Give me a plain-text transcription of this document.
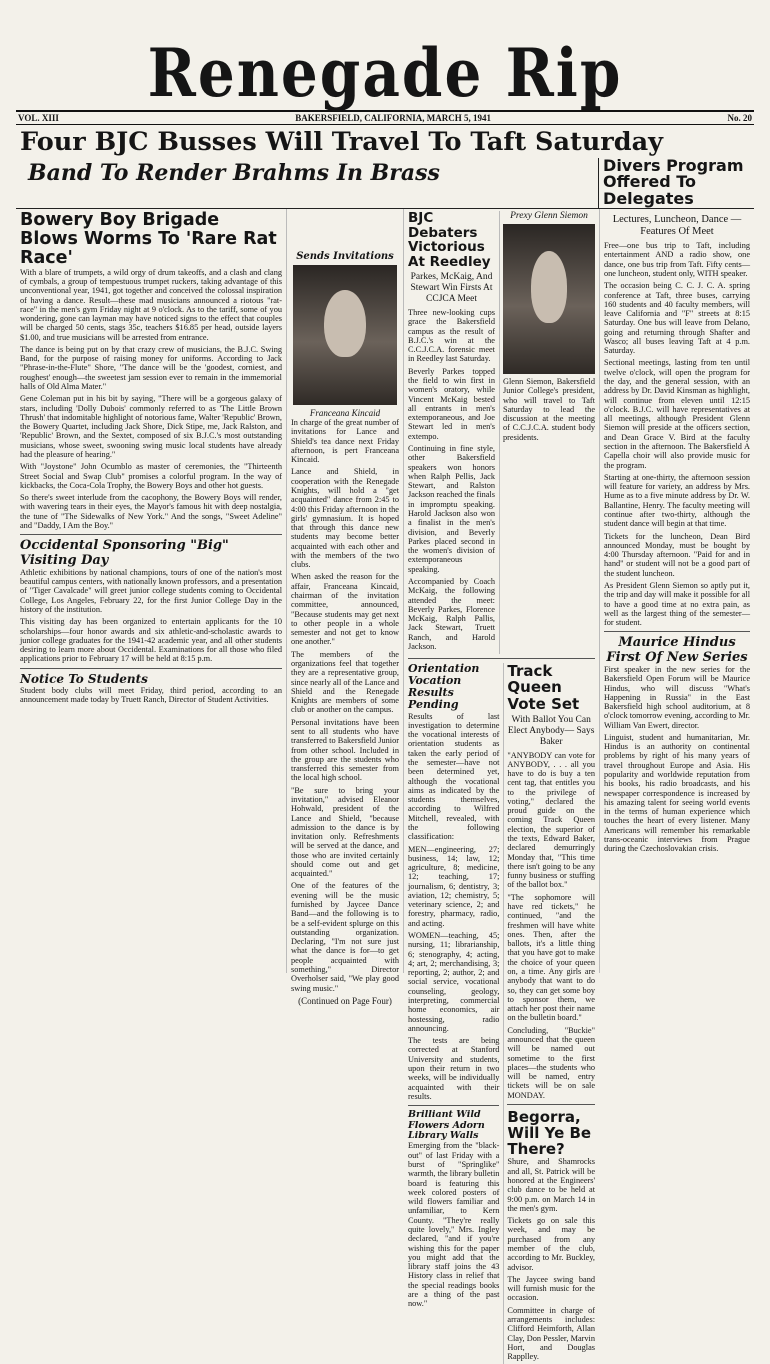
Renegade Rip
VOL. XIII	BAKERSFIELD, CALIFORNIA, MARCH 5, 1941	No. 20
Four BJC Busses Will Travel To Taft Saturday
Band To Render Brahms In Brass	Divers Program Offered To Delegates
Bowery Boy Brigade Blows Worms To 'Rare Rat Race'

With a blare of trumpets, a wild orgy of drum takeoffs, and a clash and clang of cymbals, a group of tempestuous trumpet ruckers, taking advantage of this unconventional year, 1941, got together and conceived the colossal inspiration of having a dance. Result—these mad musicians announced a riotous "rat-race" in the men's gym Friday night at 9 o'clock. As to the tariff, some of you wondering, gone can layman may have noticed signs to the effect that couples will be charged 50 cents, stags 35c, teachers $16.85 per head, outside layers $1.00, and true musicians will be arrested from entrance.

The dance is being put on by that crazy crew of musicians, the B.J.C. Swing Band, for the purpose of raising money for uniforms. According to Jack "Phrase-in-the-Flute" Shore, "The dance will be the 'goodest, corniest, and roughest' enough—the sweetest jam session ever to remain in the immemorial halls of Old Alma Mater."

Gene Coleman put in his bit by saying, "There will be a gorgeous galaxy of stars, including 'Dolly Dubois' commonly referred to as 'The Little Brown Thrush' that indomitable highlight of notorious fame, Walter 'Republic' Brown, the Bowery Quartet, including Jack Shore, Dick Stipe, me, Jack Ralston, and 'Republic' Brown, and the Sextet, composed of six B.J.C.'s most outstanding musicians, whose sweet, swooning swing music local students have already had the pleasure of hearing."

With "Joystone" John Ocumblo as master of ceremonies, the "Thirteenth Street Social and Swap Club" promises a colorful program. In the way of kickbacks, the Coca-Cola Trophy, the Bowery Boys and other hot guests.

So there's sweet interlude from the cacophony, the Bowery Boys will render, with wavering tears in their eyes, the Mayor's famous hit with deep nostalgia, the tune of "The Sidewalks of New York." And the songs, "Sweet Adeline" and "Daddy, I Am the Boy."

Occidental Sponsoring "Big" Visiting Day

Athletic exhibitions by national champions, tours of one of the nation's most beautiful campus centers, with nationally known professors, and a presentation of "Tiger Cavalcade" will greet junior college students coming to Occidental College, Los Angeles, February 22, for the first Junior College Day in the history of the institution.

This visiting day has been organized to entertain applicants for the 10 scholarships—four honor awards and six athletic-and-scholastic awards to junior college graduates for the 1941-42 academic year, and all other students desiring to learn more about Occidental. Examinations for all those who filed applications prior to February 17 will be held at 8:15 p.m.

Notice To Students

Student body clubs will meet Friday, third period, according to an announcement made today by Truett Ranch, Director of Student Activities.

Sends Invitations
Franceana Kincaid

In charge of the great number of invitations for Lance and Shield's tea dance next Friday afternoon, is pert Franceana Kincaid.

Lance and Shield, in cooperation with the Renegade Knights, will hold a "get acquainted" dance from 2:45 to 4:00 this Friday afternoon in the girls' gymnasium. It is hoped that through this dance new students may become better acquainted with each other and with the members of the two clubs.

When asked the reason for the affair, Franceana Kincaid, chairman of the invitation committee, announced, "Because students may get next to other people in a whole semester and not get to know one another."

The members of the organizations feel that together they are a representative group, since nearly all of the Lance and Shield and the Renegade Knights are members of some club or another on the campus.

Personal invitations have been sent to all students who have transferred to Bakersfield Junior from other school. Included in the group are the students who transferred this semester from the local high school.

"Be sure to bring your invitation," advised Eleanor Hohwald, president of the Lance and Shield, "because admission to the dance is by invitation only. Refreshments will be served at the dance, and those who are invited certainly should come out and get acquainted."

One of the features of the evening will be the music furnished by Jaycee Dance Band—and the following is to be a self-evident splurge on this outstanding organization. Declaring, "I'm not sure just what the dance is for—to get people acquainted with something," Director Overholser said, "We play good swing music."

(Continued on Page Four)
BJC Debaters Victorious At Reedley
Parkes, McKaig, And Stewart Win Firsts At CCJCA Meet

Three new-looking cups grace the Bakersfield campus as the result of B.J.C.'s win at the C.C.J.C.A. forensic meet in Reedley last Saturday.

Beverly Parkes topped the field to win first in women's oratory, while Vincent McKaig bested all entrants in men's extemporaneous, and Joe Stewart led in men's extempo.

Continuing in fine style, other Bakersfield speakers won honors when Ralph Pellis, Jack Stewart, and Ralston Jackson reached the finals in impromptu speaking. Harold Jackson also won a finalist in the men's division, and Beverly Parkes placed second in the women's division of extemporaneous speaking.

Accompanied by Coach McKaig, the following attended the meet: Beverly Parkes, Florence McKaig, Ralph Pallis, Jack Stewart, Truett Ranch, and Harold Jackson.

Prexy Glenn Siemon

Glenn Siemon, Bakersfield Junior College's president, who will travel to Taft Saturday to lead the discussion at the meeting of C.C.J.C.A. student body presidents.

Orientation Vocation Results Pending

Results of last investigation to determine the vocational interests of orientation students as taken the early period of the semester—have not been determined yet, although the vocational aims as indicated by the students themselves, according to Wilfred Mitchell, revealed, with the following classification:

MEN—engineering, 27; business, 14; law, 12; agriculture, 8; medicine, 12; teaching, 17; journalism, 6; dentistry, 3; aviation, 12; chemistry, 5; veterinary science, 2; and forestry, pharmacy, radio, and acting.

WOMEN—teaching, 45; nursing, 11; librarianship, 6; stenography, 4; acting, 4; art, 2; merchandising, 3; reporting, 2; author, 2; and social service, vocational counseling, geology, interpreting, commercial home economics, air hostessing, radio announcing.

The tests are being corrected at Stanford University and students, upon their return in two weeks, will be individually acquainted with their results.

Brilliant Wild Flowers Adorn Library Walls

Emerging from the "black-out" of last Friday with a burst of "Springlike" warmth, the library bulletin board is featuring this week colored posters of wild flowers familiar and unfamiliar, to Kern County. "They're really quite lovely," Mrs. Ingley declared, "and if you're wishing this for the paper you might add that the library staff joins the 43 History class in relief that the special readings books are a thing of the past now."

Track Queen Vote Set
With Ballot You Can Elect Anybody— Says Baker

"ANYBODY can vote for ANYBODY, . . . all you have to do is buy a ten cent tag, that entitles you to the privilege of voting," declared the proud guide on the coming Track Queen election, the superior of the texts, Edward Baker, declared demurringly Monday that, "This time there isn't going to be any funny business or stuffing of the ballot box."

"The sophomore will have red tickets," he continued, "and the freshmen will have white ones. Then, after the ballots, it's a little thing that you have got to make the choice of your queen on, a time. Any girls are anybody that want to do so, they can get some boy to sponsor them, we attach her post their name on the bulletin board."

Concluding, "Buckie" announced that the queen will be named out sometime to the first places—the students who will be named, entry tickets will be on sale MONDAY.

Begorra, Will Ye Be There?

Shure, and Shamrocks and all, St. Patrick will be honored at the Engineers' club dance to be held at 9:00 p.m. on March 14 in the men's gym.

Tickets go on sale this week, and may be purchased from any member of the club, according to Mr. Buckley, advisor.

The Jaycee swing band will furnish music for the occasion.

Committee in charge of arrangements includes: Clifford Heimforth, Allan Clay, Don Pessler, Marvin Hort, and Douglas Rapplley.

Lectures, Luncheon, Dance — Features Of Meet

Free—one bus trip to Taft, including entertainment AND a radio show, one dance, one bus trip from Taft. Fifty cents—one luncheon, student only, WITH speaker.

The occasion being C. C. J. C. A. spring conference at Taft, three buses, carrying 160 students and 40 faculty members, will leave California and "F" streets at 8:15 Saturday. One bus will leave from Delano, going and returning through Shafter and Wasco; all buses leaving Taft at 4 p.m. Saturday.

Sectional meetings, lasting from ten until twelve o'clock, will open the program for the day, and the general session, with an address by Dr. David Kinsman as highlight, will continue from eleven until 12:15 o'clock. B.J.C. will have representatives at all meetings, although President Glenn Siemon will preside at the officers section, and Dean Grace V. Bird at the faculty section in the afternoon. The Bakersfield A Capella choir will also provide music for the program.

Starting at one-thirty, the afternoon session will feature for variety, an address by Mrs. Hume as to a five minute address by Dr. W. Ballantine, Henry. The faculty meeting will continue after two-thirty, although the student dance will begin at that time.

Tickets for the luncheon, Dean Bird announced Monday, must be bought by 4:00 Thursday afternoon. "Paid for and in hand" or student will not be a good part of the student luncheon.

As President Glenn Siemon so aptly put it, the trip and day will make it possible for all to have a good time at no extra pain, as well as the largest thing of the semester—for student.

Maurice Hindus First Of New Series

First speaker in the new series for the Bakersfield Open Forum will be Maurice Hindus, who will discuss "What's Happening in Russia" in the East Bakersfield high school auditorium, at 8 o'clock tomorrow evening, according to Mr. William Van Ewert, director.

Linguist, student and humanitarian, Mr. Hindus is an authority on continental problems by right of his many years of travel throughout Europe and Asia. His popularity and worldwide reputation from his books, his radio broadcasts, and his newspaper correspondence is increased by his amazing talent for seeing world events in the terms of human experience which touches the heart of every listener. Many Americans will remember his remarkable trans-oceanic interviews from Prague during the Czechoslovakian crisis.
